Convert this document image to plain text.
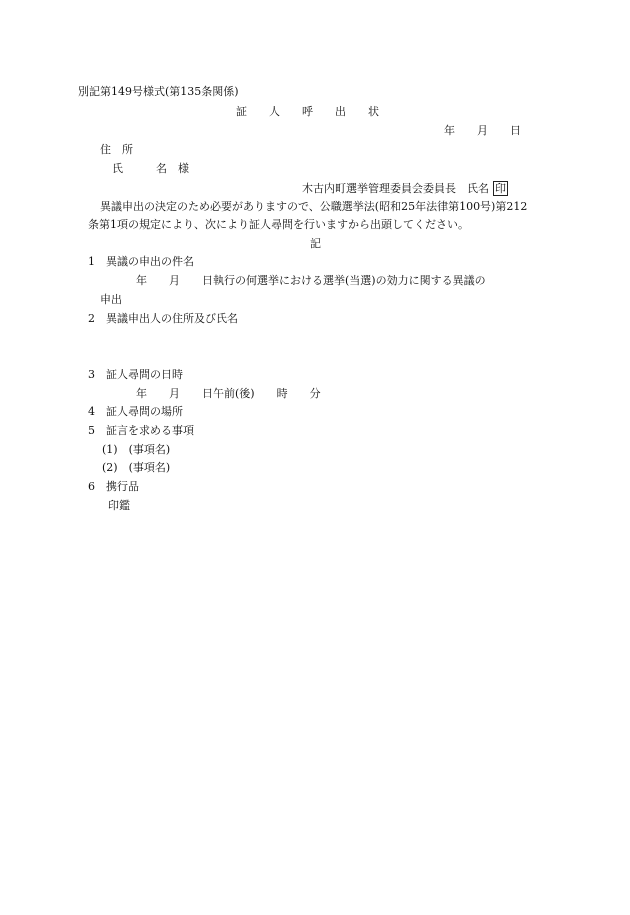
別記第149号様式(第135条関係)
証　　人　　呼　　出　　状
年　　月　　日
住　所
氏　　　名　様
木古内町選挙管理委員会委員長　氏名 印
異議申出の決定のため必要がありますので、公職選挙法(昭和25年法律第100号)第212
条第1項の規定により、次により証人尋問を行いますから出頭してください。
記
1　異議の申出の件名
年　　月　　日執行の何選挙における選挙(当選)の効力に関する異議の
申出
2　異議申出人の住所及び氏名
3　証人尋問の日時
年　　月　　日午前(後)　　時　　分
4　証人尋問の場所
5　証言を求める事項
(1)　(事項名)
(2)　(事項名)
6　携行品
印鑑
